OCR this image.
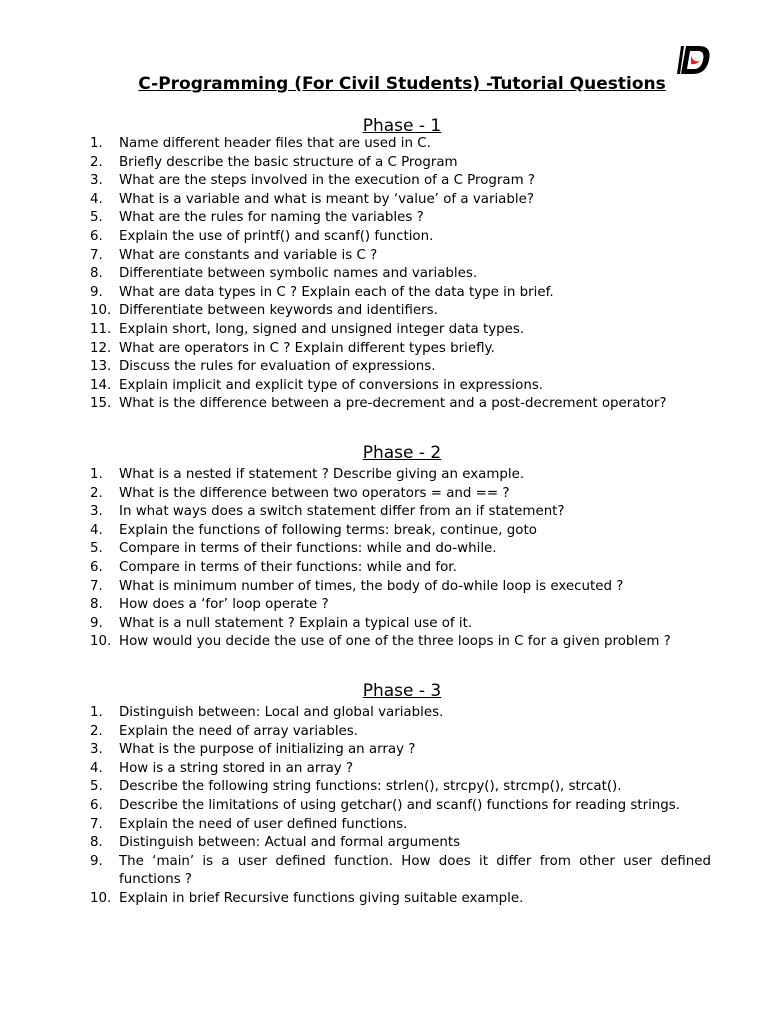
C-Programming (For Civil Students) -Tutorial Questions
Phase - 1
1. Name different header files that are used in C.
2. Briefly describe the basic structure of a C Program
3. What are the steps involved in the execution of a C Program ?
4. What is a variable and what is meant by ‘value’ of a variable?
5. What are the rules for naming the variables ?
6. Explain the use of printf() and scanf() function.
7. What are constants and variable is C ?
8. Differentiate between symbolic names and variables.
9. What are data types in C ? Explain each of the data type in brief.
10. Differentiate between keywords and identifiers.
11. Explain short, long, signed and unsigned integer data types.
12. What are operators in C ? Explain different types briefly.
13. Discuss the rules for evaluation of expressions.
14. Explain implicit and explicit type of conversions in expressions.
15. What is the difference between a pre-decrement and a post-decrement operator?
Phase - 2
1. What is a nested if statement ? Describe giving an example.
2. What is the difference between two operators = and == ?
3. In what ways does a switch statement differ from an if statement?
4. Explain the functions of following terms: break, continue, goto
5. Compare in terms of their functions: while and do-while.
6. Compare in terms of their functions: while and for.
7. What is minimum number of times, the body of do-while loop is executed ?
8. How does a ‘for’ loop operate ?
9. What is a null statement ? Explain a typical use of it.
10. How would you decide the use of one of the three loops in C for a given problem ?
Phase - 3
1. Distinguish between: Local and global variables.
2. Explain the need of array variables.
3. What is the purpose of initializing an array ?
4. How is a string stored in an array ?
5. Describe the following string functions: strlen(), strcpy(), strcmp(), strcat().
6. Describe the limitations of using getchar() and scanf() functions for reading strings.
7. Explain the need of user defined functions.
8. Distinguish between: Actual and formal arguments
9. The ‘main’ is a user defined function. How does it differ from other user defined functions ?
10. Explain in brief Recursive functions giving suitable example.
